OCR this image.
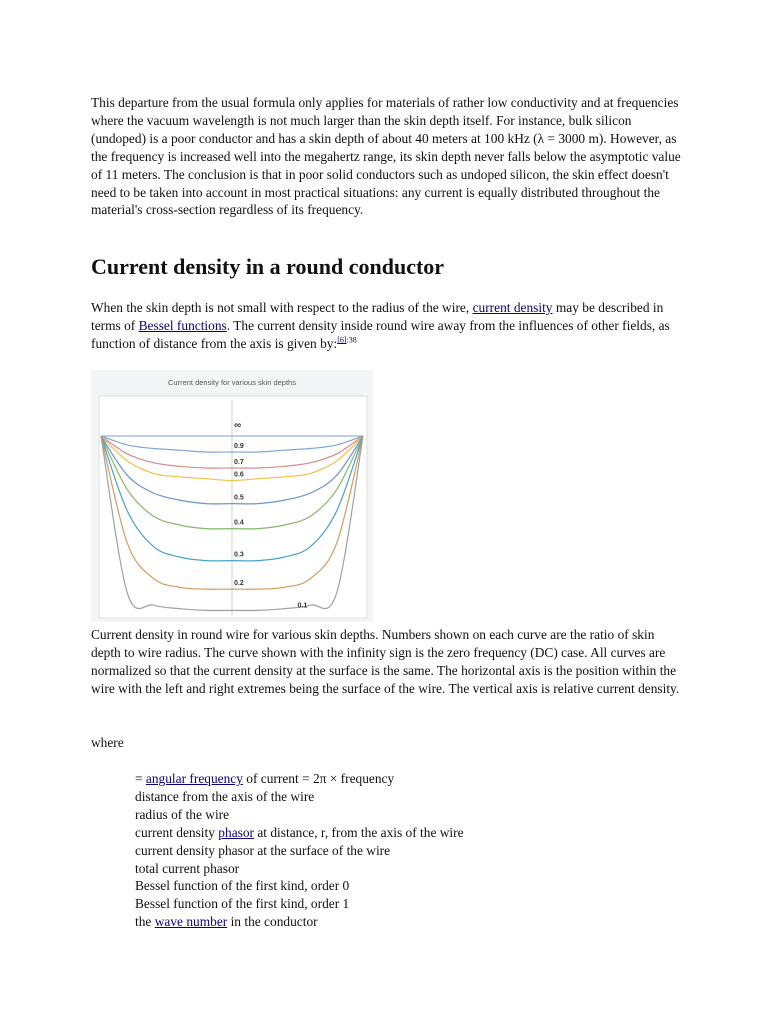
This departure from the usual formula only applies for materials of rather low conductivity and at frequencies where the vacuum wavelength is not much larger than the skin depth itself. For instance, bulk silicon (undoped) is a poor conductor and has a skin depth of about 40 meters at 100 kHz (λ = 3000 m). However, as the frequency is increased well into the megahertz range, its skin depth never falls below the asymptotic value of 11 meters. The conclusion is that in poor solid conductors such as undoped silicon, the skin effect doesn't need to be taken into account in most practical situations: any current is equally distributed throughout the material's cross-section regardless of its frequency.

Current density in a round conductor

When the skin depth is not small with respect to the radius of the wire, current density may be described in terms of Bessel functions. The current density inside round wire away from the influences of other fields, as function of distance from the axis is given by:$^{[6]:38}$

Current density for various skin depths
∞
0.9
0.7
0.6
0.5
0.4
0.3
0.2
0.1

Current density in round wire for various skin depths. Numbers shown on each curve are the ratio of skin depth to wire radius. The curve shown with the infinity sign is the zero frequency (DC) case. All curves are normalized so that the current density at the surface is the same. The horizontal axis is the position within the wire with the left and right extremes being the surface of the wire. The vertical axis is relative current density.

where

= angular frequency of current = 2π × frequency
distance from the axis of the wire
radius of the wire
current density phasor at distance, r, from the axis of the wire
current density phasor at the surface of the wire
total current phasor
Bessel function of the first kind, order 0
Bessel function of the first kind, order 1
the wave number in the conductor
